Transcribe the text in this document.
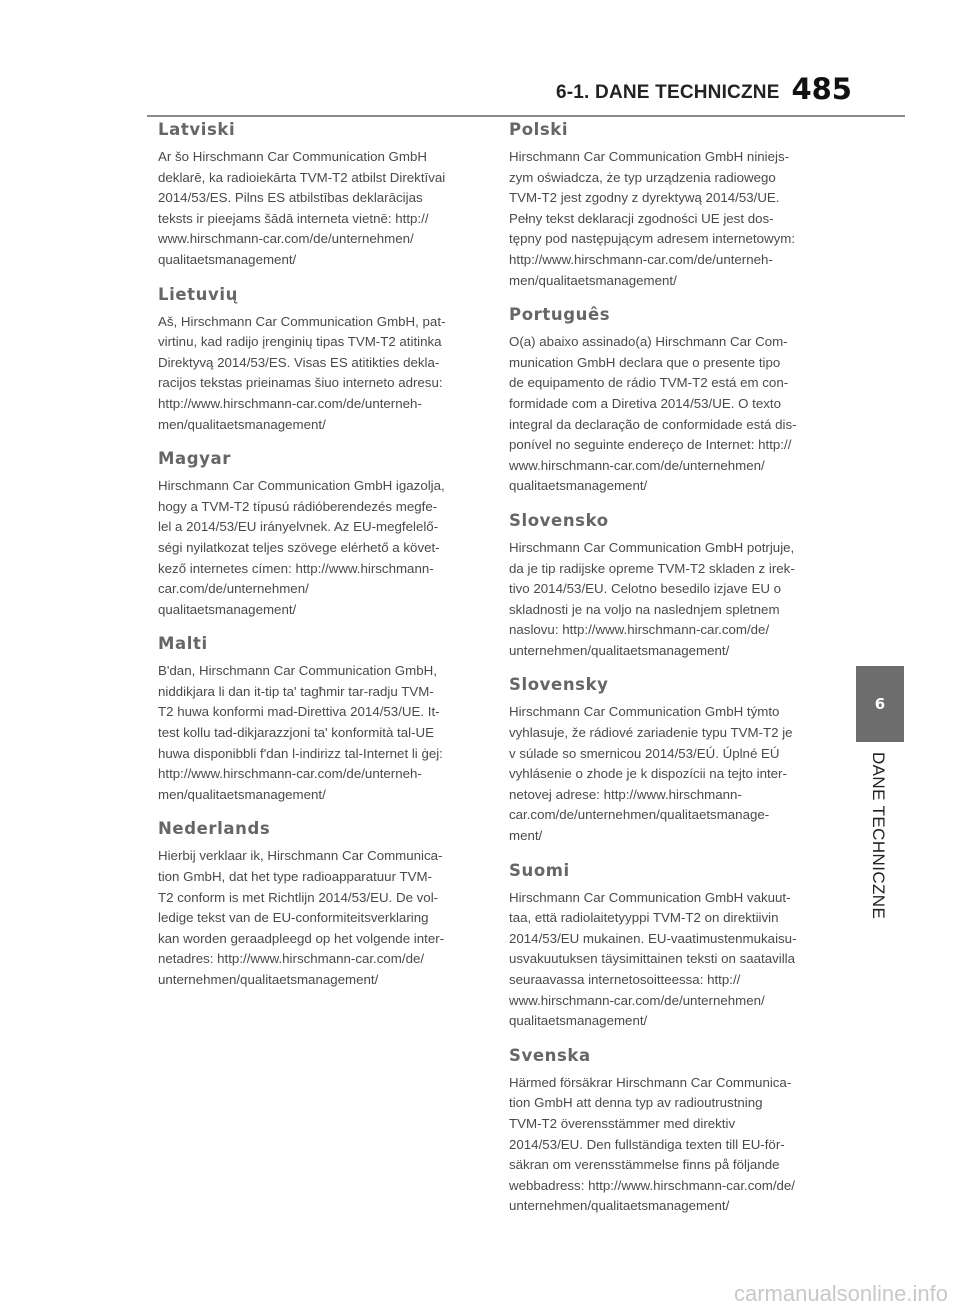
6-1. DANE TECHNICZNE 485
Latviski

Ar šo Hirschmann Car Communication GmbH
deklarē, ka radioiekārta TVM-T2 atbilst Direktīvai
2014/53/ES. Pilns ES atbilstības deklarācijas
teksts ir pieejams šādā interneta vietnē: http://
www.hirschmann-car.com/de/unternehmen/
qualitaetsmanagement/

Lietuvių

Aš, Hirschmann Car Communication GmbH, pat-
virtinu, kad radijo įrenginių tipas TVM-T2 atitinka
Direktyvą 2014/53/ES. Visas ES atitikties dekla-
racijos tekstas prieinamas šiuo interneto adresu:
http://www.hirschmann-car.com/de/unterneh-
men/qualitaetsmanagement/

Magyar

Hirschmann Car Communication GmbH igazolja,
hogy a TVM-T2 típusú rádióberendezés megfe-
lel a 2014/53/EU irányelvnek. Az EU-megfelelő-
ségi nyilatkozat teljes szövege elérhető a követ-
kező internetes címen: http://www.hirschmann-
car.com/de/unternehmen/
qualitaetsmanagement/

Malti

B'dan, Hirschmann Car Communication GmbH,
niddikjara li dan it-tip ta' tagħmir tar-radju TVM-
T2 huwa konformi mad-Direttiva 2014/53/UE. It-
test kollu tad-dikjarazzjoni ta' konformità tal-UE
huwa disponibbli f'dan l-indirizz tal-Internet li ġej:
http://www.hirschmann-car.com/de/unterneh-
men/qualitaetsmanagement/

Nederlands

Hierbij verklaar ik, Hirschmann Car Communica-
tion GmbH, dat het type radioapparatuur TVM-
T2 conform is met Richtlijn 2014/53/EU. De vol-
ledige tekst van de EU-conformiteitsverklaring
kan worden geraadpleegd op het volgende inter-
netadres: http://www.hirschmann-car.com/de/
unternehmen/qualitaetsmanagement/

Polski

Hirschmann Car Communication GmbH niniejs-
zym oświadcza, że typ urządzenia radiowego
TVM-T2 jest zgodny z dyrektywą 2014/53/UE.
Pełny tekst deklaracji zgodności UE jest dos-
tępny pod następującym adresem internetowym:
http://www.hirschmann-car.com/de/unterneh-
men/qualitaetsmanagement/

Português

O(a) abaixo assinado(a) Hirschmann Car Com-
munication GmbH declara que o presente tipo
de equipamento de rádio TVM-T2 está em con-
formidade com a Diretiva 2014/53/UE. O texto
integral da declaração de conformidade está dis-
ponível no seguinte endereço de Internet: http://
www.hirschmann-car.com/de/unternehmen/
qualitaetsmanagement/

Slovensko

Hirschmann Car Communication GmbH potrjuje,
da je tip radijske opreme TVM-T2 skladen z irek-
tivo 2014/53/EU. Celotno besedilo izjave EU o
skladnosti je na voljo na naslednjem spletnem
naslovu: http://www.hirschmann-car.com/de/
unternehmen/qualitaetsmanagement/

Slovensky

Hirschmann Car Communication GmbH týmto
vyhlasuje, že rádiové zariadenie typu TVM-T2 je
v súlade so smernicou 2014/53/EÚ. Úplné EÚ
vyhlásenie o zhode je k dispozícii na tejto inter-
netovej adrese: http://www.hirschmann-
car.com/de/unternehmen/qualitaetsmanage-
ment/

Suomi

Hirschmann Car Communication GmbH vakuut-
taa, että radiolaitetyyppi TVM-T2 on direktiivin
2014/53/EU mukainen. EU-vaatimustenmukaisu-
usvakuutuksen täysimittainen teksti on saatavilla
seuraavassa internetosoitteessa: http://
www.hirschmann-car.com/de/unternehmen/
qualitaetsmanagement/

Svenska

Härmed försäkrar Hirschmann Car Communica-
tion GmbH att denna typ av radioutrustning
TVM-T2 överensstämmer med direktiv
2014/53/EU. Den fullständiga texten till EU-för-
säkran om verensstämmelse finns på följande
webbadress: http://www.hirschmann-car.com/de/
unternehmen/qualitaetsmanagement/

6
DANE TECHNICZNE
carmanualsonline.info
